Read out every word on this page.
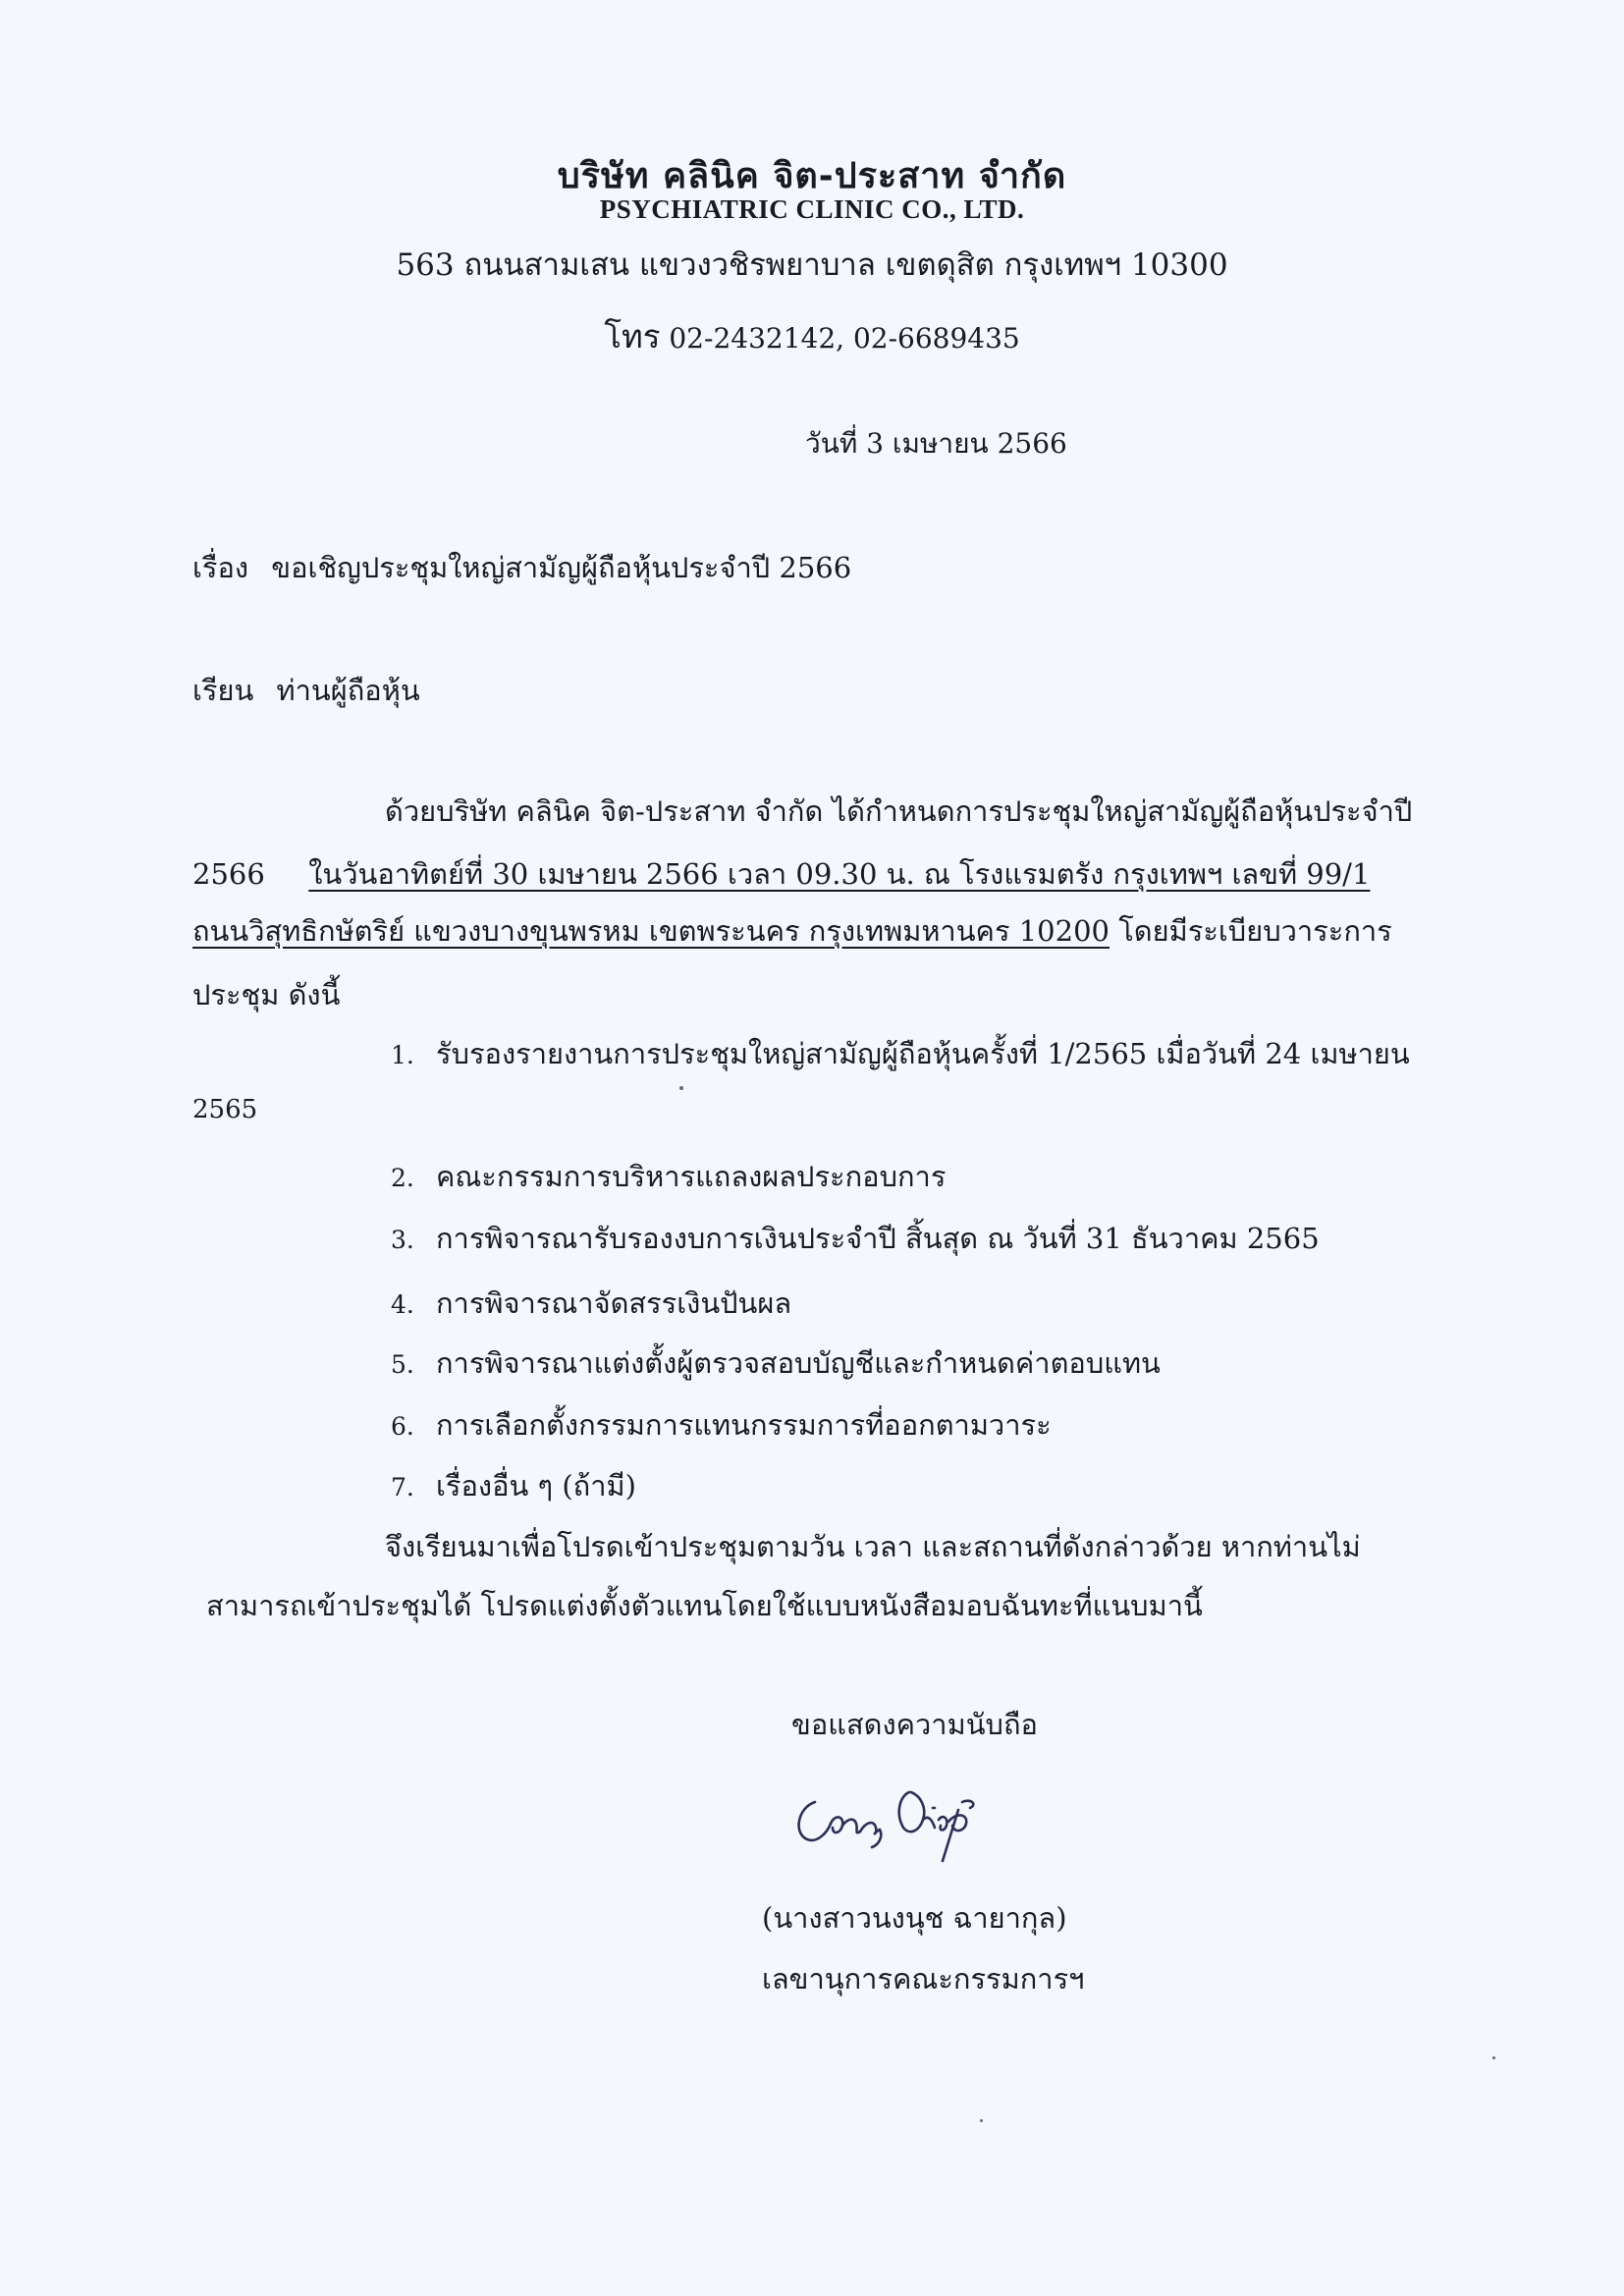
บริษัท คลินิค จิต-ประสาท จำกัด
PSYCHIATRIC CLINIC CO., LTD.
563 ถนนสามเสน แขวงวชิรพยาบาล เขตดุสิต กรุงเทพฯ 10300
โทร 02-2432142, 02-6689435
วันที่ 3 เมษายน 2566
เรื่อง ขอเชิญประชุมใหญ่สามัญผู้ถือหุ้นประจำปี 2566
เรียน ท่านผู้ถือหุ้น
ด้วยบริษัท คลินิค จิต-ประสาท จำกัด ได้กำหนดการประชุมใหญ่สามัญผู้ถือหุ้นประจำปี
2566 ในวันอาทิตย์ที่ 30 เมษายน 2566 เวลา 09.30 น. ณ โรงแรมตรัง กรุงเทพฯ เลขที่ 99/1
ถนนวิสุทธิกษัตริย์ แขวงบางขุนพรหม เขตพระนคร กรุงเทพมหานคร 10200 โดยมีระเบียบวาระการ
ประชุม ดังนี้
1. รับรองรายงานการประชุมใหญ่สามัญผู้ถือหุ้นครั้งที่ 1/2565 เมื่อวันที่ 24 เมษายน
2565
2. คณะกรรมการบริหารแถลงผลประกอบการ
3. การพิจารณารับรองงบการเงินประจำปี สิ้นสุด ณ วันที่ 31 ธันวาคม 2565
4. การพิจารณาจัดสรรเงินปันผล
5. การพิจารณาแต่งตั้งผู้ตรวจสอบบัญชีและกำหนดค่าตอบแทน
6. การเลือกตั้งกรรมการแทนกรรมการที่ออกตามวาระ
7. เรื่องอื่น ๆ (ถ้ามี)
จึงเรียนมาเพื่อโปรดเข้าประชุมตามวัน เวลา และสถานที่ดังกล่าวด้วย หากท่านไม่
สามารถเข้าประชุมได้ โปรดแต่งตั้งตัวแทนโดยใช้แบบหนังสือมอบฉันทะที่แนบมานี้
ขอแสดงความนับถือ
(นางสาวนงนุช ฉายากุล)
เลขานุการคณะกรรมการฯ
